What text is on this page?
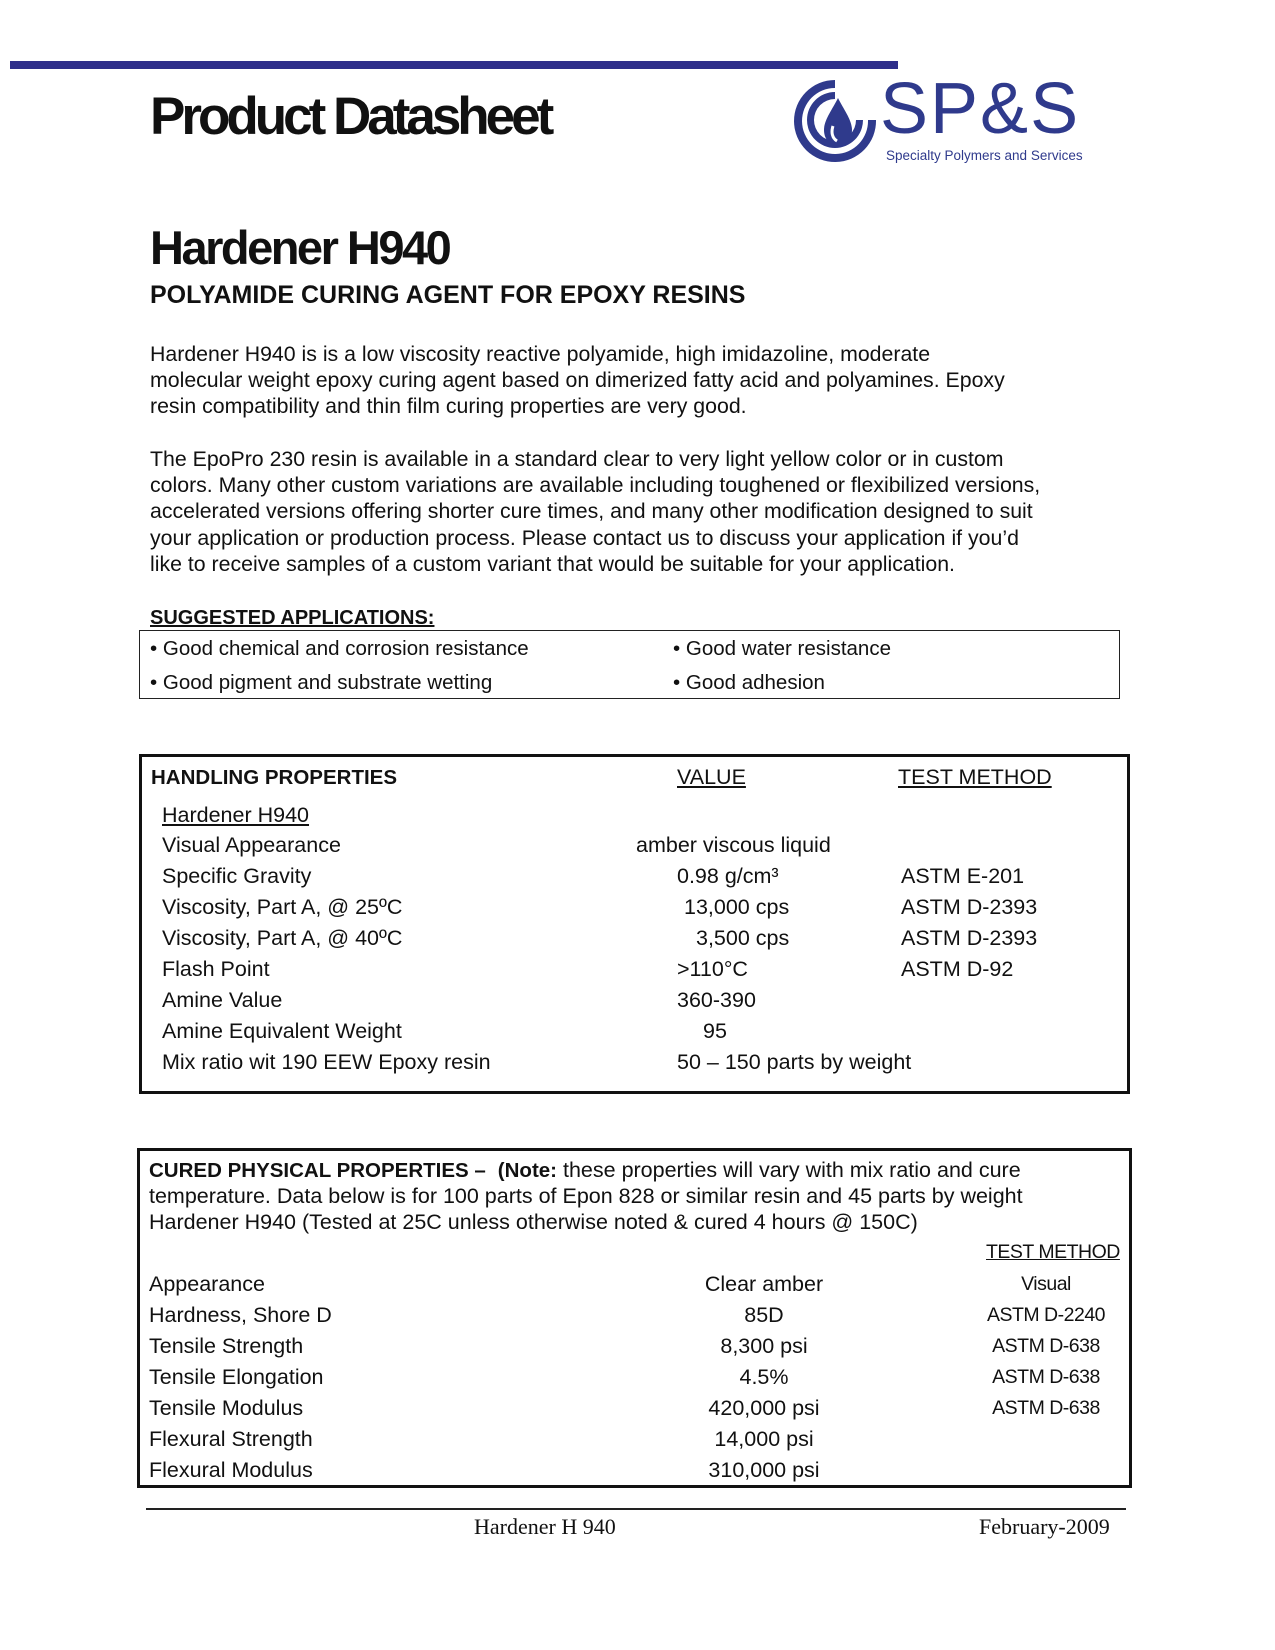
Product Datasheet	SP&S
Specialty Polymers and Services
Hardener H940
POLYAMIDE CURING AGENT FOR EPOXY RESINS
Hardener H940 is is a low viscosity reactive polyamide, high imidazoline, moderate
molecular weight epoxy curing agent based on dimerized fatty acid and polyamines. Epoxy
resin compatibility and thin film curing properties are very good.
The EpoPro 230 resin is available in a standard clear to very light yellow color or in custom
colors. Many other custom variations are available including toughened or flexibilized versions,
accelerated versions offering shorter cure times, and many other modification designed to suit
your application or production process. Please contact us to discuss your application if you’d
like to receive samples of a custom variant that would be suitable for your application.
SUGGESTED APPLICATIONS:
• Good chemical and corrosion resistance	• Good water resistance
• Good pigment and substrate wetting	• Good adhesion
HANDLING PROPERTIES	VALUE	TEST METHOD
Hardener H940
Visual Appearance	amber viscous liquid
Specific Gravity	0.98 g/cm³	ASTM E-201
Viscosity, Part A, @ 25ºC	13,000 cps	ASTM D-2393
Viscosity, Part A, @ 40ºC	3,500 cps	ASTM D-2393
Flash Point	>110°C	ASTM D-92
Amine Value	360-390
Amine Equivalent Weight	95
Mix ratio wit 190 EEW Epoxy resin	50 – 150 parts by weight
CURED PHYSICAL PROPERTIES – (Note: these properties will vary with mix ratio and cure
temperature. Data below is for 100 parts of Epon 828 or similar resin and 45 parts by weight
Hardener H940 (Tested at 25C unless otherwise noted & cured 4 hours @ 150C)
TEST METHOD
Appearance	Clear amber	Visual
Hardness, Shore D	85D	ASTM D-2240
Tensile Strength	8,300 psi	ASTM D-638
Tensile Elongation	4.5%	ASTM D-638
Tensile Modulus	420,000 psi	ASTM D-638
Flexural Strength	14,000 psi
Flexural Modulus	310,000 psi
Hardener H 940	February-2009
